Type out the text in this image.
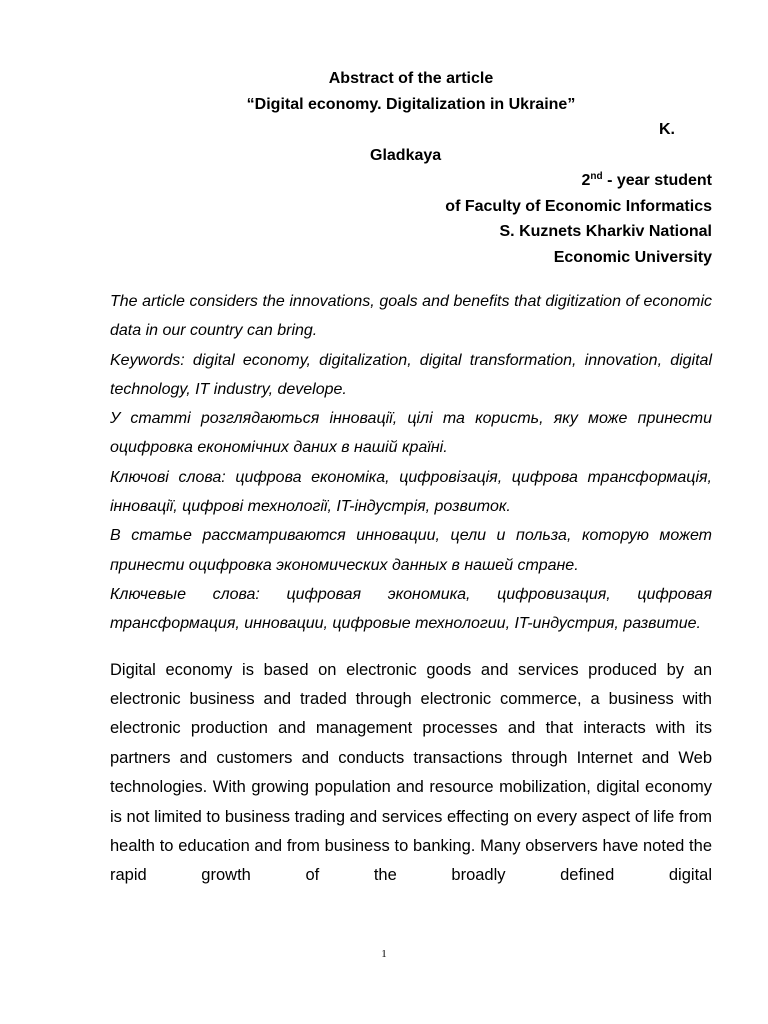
Abstract of the article
“Digital economy. Digitalization in Ukraine”
K.
Gladkaya
2nd - year student
of Faculty of Economic Informatics
S. Kuznets Kharkiv National
Economic University

The article considers the innovations, goals and benefits that digitization of economic data in our country can bring.

Keywords: digital economy, digitalization, digital transformation, innovation, digital technology, IT industry, develope.

У статті розглядаються інновації, цілі та користь, яку може принести оцифровка економічних даних в нашій країні.

Ключові слова: цифрова економіка, цифровізація, цифрова трансформація, інновації, цифрові технології, IT-індустрія, розвиток.

В статье рассматриваются инновации, цели и польза, которую может принести оцифровка экономических данных в нашей стране.

Ключевые слова: цифровая экономика, цифровизация, цифровая трансформация, инновации, цифровые технологии, IT-индустрия, развитие.

Digital economy is based on electronic goods and services produced by an electronic business and traded through electronic commerce, a business with electronic production and management processes and that interacts with its partners and customers and conducts transactions through Internet and Web technologies. With growing population and resource mobilization, digital economy is not limited to business trading and services effecting on every aspect of life from health to education and from business to banking. Many observers have noted the rapid growth of the broadly defined digital

1
